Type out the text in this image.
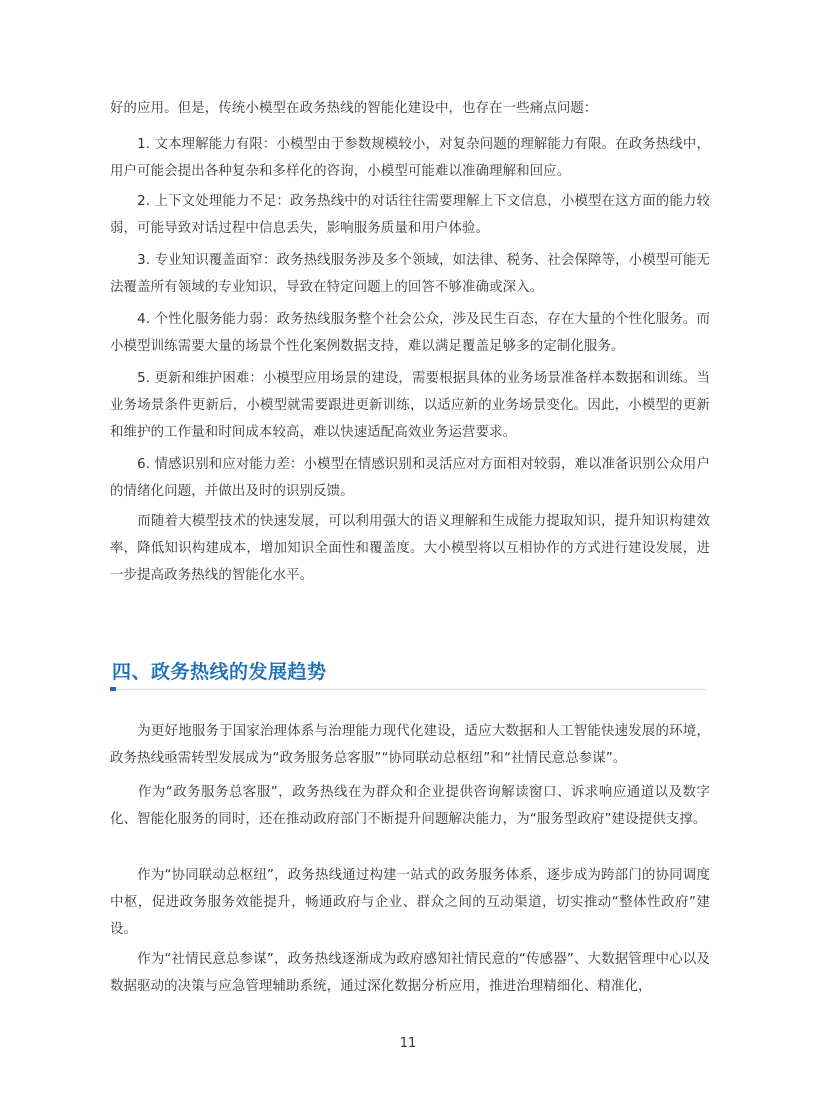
好的应用。但是，传统小模型在政务热线的智能化建设中，也存在一些痛点问题：

　　1. 文本理解能力有限：小模型由于参数规模较小，对复杂问题的理解能力有限。在政务热线中，用户可能会提出各种复杂和多样化的咨询，小模型可能难以准确理解和回应。

　　2. 上下文处理能力不足：政务热线中的对话往往需要理解上下文信息，小模型在这方面的能力较弱，可能导致对话过程中信息丢失，影响服务质量和用户体验。

　　3. 专业知识覆盖面窄：政务热线服务涉及多个领域，如法律、税务、社会保障等，小模型可能无法覆盖所有领域的专业知识，导致在特定问题上的回答不够准确或深入。

　　4. 个性化服务能力弱：政务热线服务整个社会公众，涉及民生百态，存在大量的个性化服务。而小模型训练需要大量的场景个性化案例数据支持，难以满足覆盖足够多的定制化服务。

　　5. 更新和维护困难：小模型应用场景的建设，需要根据具体的业务场景准备样本数据和训练。当业务场景条件更新后，小模型就需要跟进更新训练，以适应新的业务场景变化。因此，小模型的更新和维护的工作量和时间成本较高，难以快速适配高效业务运营要求。

　　6. 情感识别和应对能力差：小模型在情感识别和灵活应对方面相对较弱，难以准备识别公众用户的情绪化问题，并做出及时的识别反馈。

　　而随着大模型技术的快速发展，可以利用强大的语义理解和生成能力提取知识，提升知识构建效率，降低知识构建成本，增加知识全面性和覆盖度。大小模型将以互相协作的方式进行建设发展，进一步提高政务热线的智能化水平。

四、政务热线的发展趋势

　　为更好地服务于国家治理体系与治理能力现代化建设，适应大数据和人工智能快速发展的环境，政务热线亟需转型发展成为“政务服务总客服”“协同联动总枢纽”和“社情民意总参谋”。

　　作为“政务服务总客服”，政务热线在为群众和企业提供咨询解读窗口、诉求响应通道以及数字化、智能化服务的同时，还在推动政府部门不断提升问题解决能力，为“服务型政府”建设提供支撑。

　　作为“协同联动总枢纽”，政务热线通过构建一站式的政务服务体系，逐步成为跨部门的协同调度中枢，促进政务服务效能提升，畅通政府与企业、群众之间的互动渠道，切实推动“整体性政府”建设。

　　作为“社情民意总参谋”，政务热线逐渐成为政府感知社情民意的“传感器”、大数据管理中心以及数据驱动的决策与应急管理辅助系统，通过深化数据分析应用，推进治理精细化、精准化，

11
